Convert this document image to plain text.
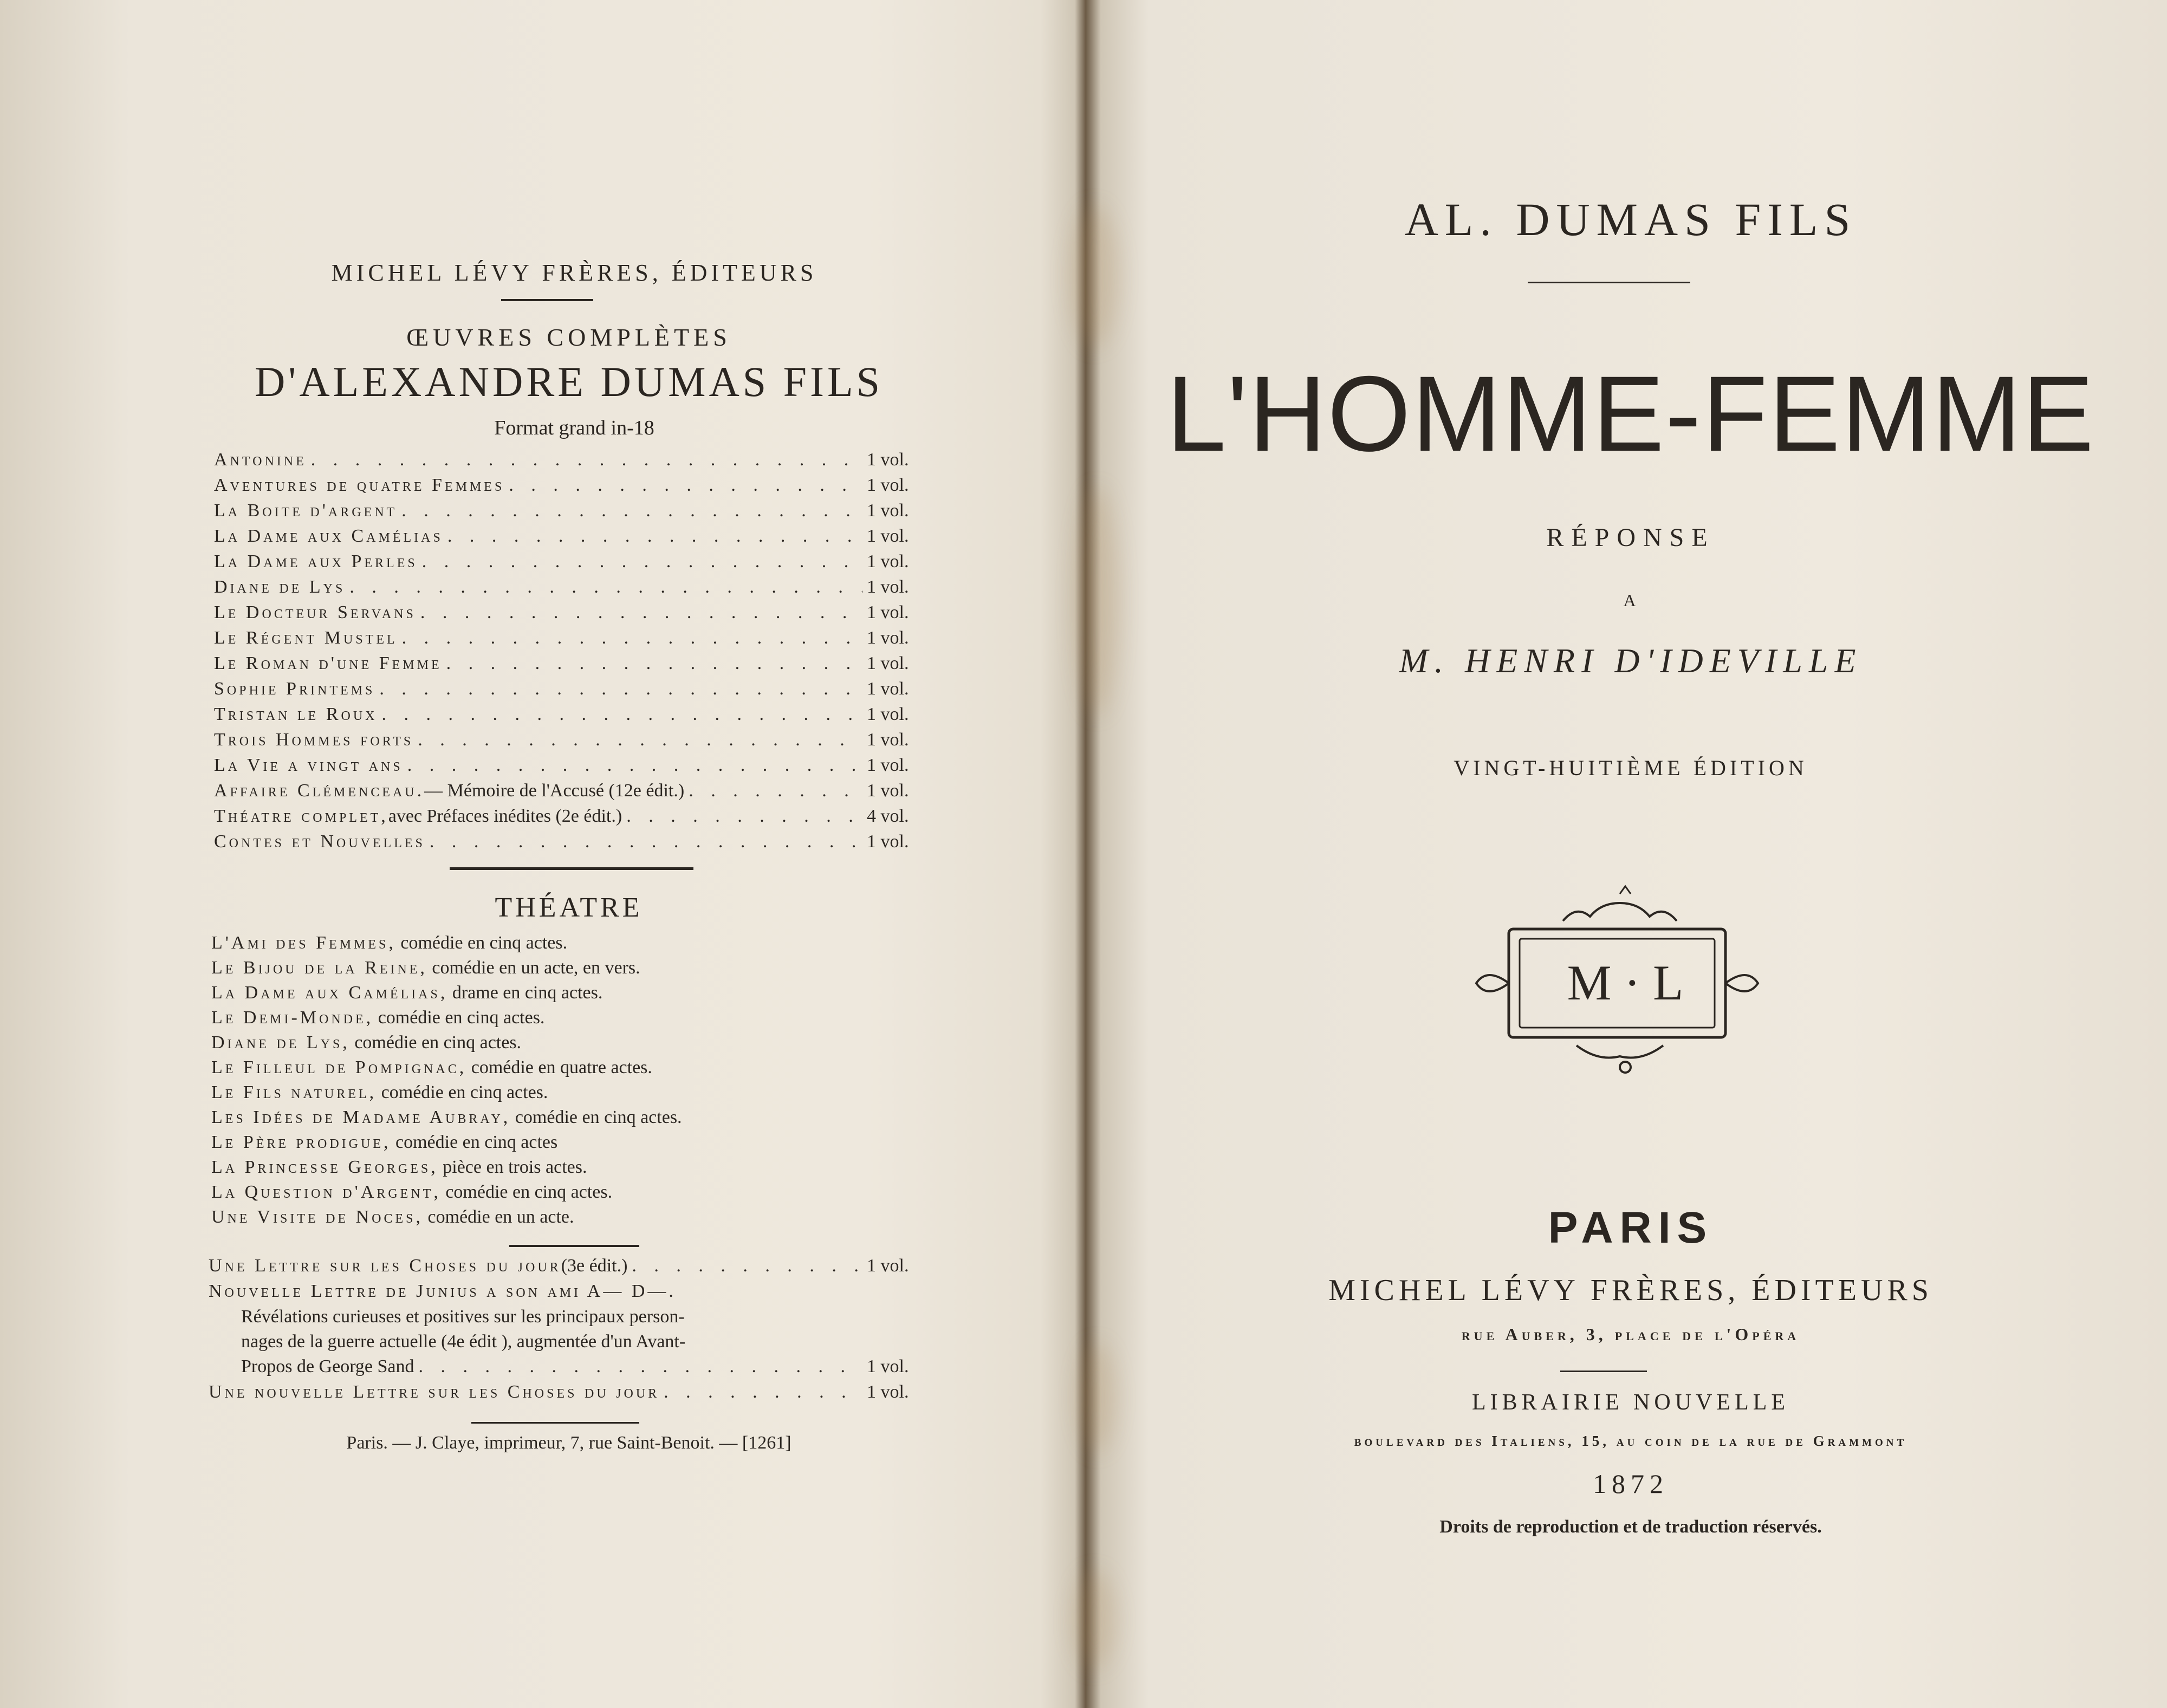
MICHEL LÉVY FRÈRES, ÉDITEURS
ŒUVRES COMPLÈTES
D'ALEXANDRE DUMAS FILS
Format grand in-18
Antonine . . .	1 vol.
Aventures de quatre Femmes . . .	1 vol.
La Boite d'argent . . .	1 vol.
La Dame aux Camélias . . .	1 vol.
La Dame aux Perles . . .	1 vol.
Diane de Lys . . .	1 vol.
Le Docteur Servans . . .	1 vol.
Le Régent Mustel . . .	1 vol.
Le Roman d'une Femme . . .	1 vol.
Sophie Printems . . .	1 vol.
Tristan le Roux . . .	1 vol.
Trois Hommes forts . . .	1 vol.
La Vie a vingt ans . . .	1 vol.
Affaire Clémenceau. — Mémoire de l'Accusé (12e édit.) . . .	1 vol.
Théatre complet, avec Préfaces inédites (2e édit.) . . .	4 vol.
Contes et Nouvelles . . .	1 vol.
THÉATRE
L'Ami des Femmes, comédie en cinq actes.
Le Bijou de la Reine, comédie en un acte, en vers.
La Dame aux Camélias, drame en cinq actes.
Le Demi-Monde, comédie en cinq actes.
Diane de Lys, comédie en cinq actes.
Le Filleul de Pompignac, comédie en quatre actes.
Le Fils naturel, comédie en cinq actes.
Les Idées de Madame Aubray, comédie en cinq actes.
Le Père prodigue, comédie en cinq actes
La Princesse Georges, pièce en trois actes.
La Question d'Argent, comédie en cinq actes.
Une Visite de Noces, comédie en un acte.
Une Lettre sur les Choses du jour (3e édit.) . . .	1 vol.
Nouvelle Lettre de Junius a son ami A— D—.
Révélations curieuses et positives sur les principaux person-
nages de la guerre actuelle (4e édit ), augmentée d'un Avant-
Propos de George Sand . . .	1 vol.
Une nouvelle Lettre sur les Choses du jour . . .	1 vol.
Paris. — J. Claye, imprimeur, 7, rue Saint-Benoit. — [1261]
AL. DUMAS FILS
L'HOMME-FEMME
RÉPONSE
A
M. HENRI D'IDEVILLE
VINGT-HUITIÈME ÉDITION
M · L
PARIS
MICHEL LÉVY FRÈRES, ÉDITEURS
rue Auber, 3, place de l'Opéra
LIBRAIRIE NOUVELLE
boulevard des Italiens, 15, au coin de la rue de Grammont
1872
Droits de reproduction et de traduction réservés.
